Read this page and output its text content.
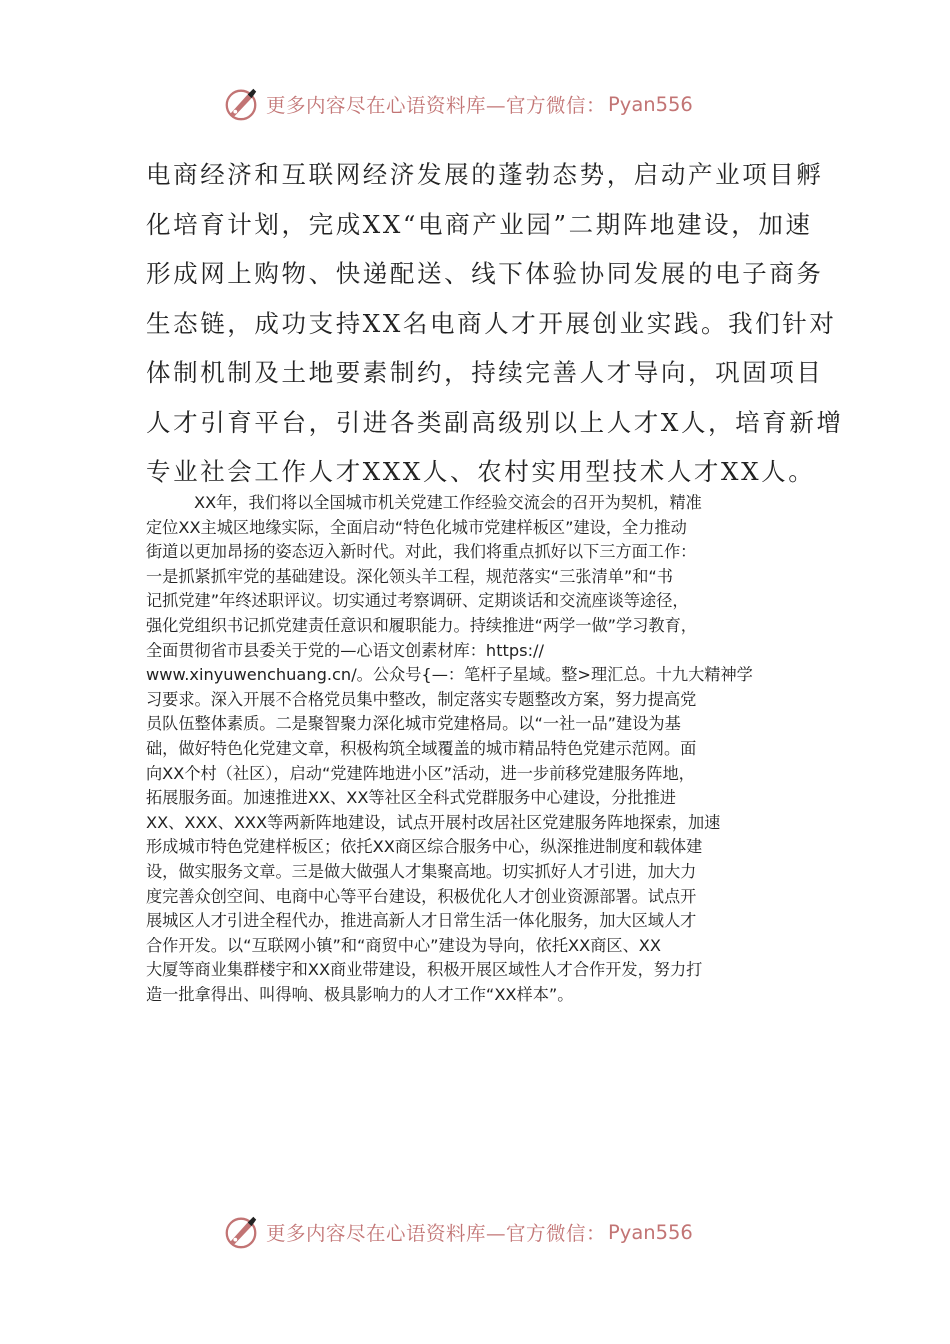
更多内容尽在心语资料库—官方微信： Pyan556
电商经济和互联网经济发展的蓬勃态势，启动产业项目孵
化培育计划，完成XX“电商产业园”二期阵地建设，加速
形成网上购物、快递配送、线下体验协同发展的电子商务
生态链，成功支持XX名电商人才开展创业实践。我们针对
体制机制及土地要素制约，持续完善人才导向，巩固项目
人才引育平台，引进各类副高级别以上人才X人，培育新增
专业社会工作人才XXX人、农村实用型技术人才XX人。
XX年，我们将以全国城市机关党建工作经验交流会的召开为契机，精准
定位XX主城区地缘实际，全面启动“特色化城市党建样板区”建设，全力推动
街道以更加昂扬的姿态迈入新时代。对此，我们将重点抓好以下三方面工作：
一是抓紧抓牢党的基础建设。深化领头羊工程，规范落实“三张清单”和“书
记抓党建”年终述职评议。切实通过考察调研、定期谈话和交流座谈等途径，
强化党组织书记抓党建责任意识和履职能力。持续推进“两学一做”学习教育，
全面贯彻省市县委关于党的—心语文创素材库：https://
www.xinyuwenchuang.cn/。公众号{—：笔杆子星域。整>理汇总。十九大精神学
习要求。深入开展不合格党员集中整改，制定落实专题整改方案，努力提高党
员队伍整体素质。二是聚智聚力深化城市党建格局。以“一社一品”建设为基
础，做好特色化党建文章，积极构筑全域覆盖的城市精品特色党建示范网。面
向XX个村（社区），启动“党建阵地进小区”活动，进一步前移党建服务阵地，
拓展服务面。加速推进XX、XX等社区全科式党群服务中心建设，分批推进
XX、XXX、XXX等两新阵地建设，试点开展村改居社区党建服务阵地探索，加速
形成城市特色党建样板区；依托XX商区综合服务中心，纵深推进制度和载体建
设，做实服务文章。三是做大做强人才集聚高地。切实抓好人才引进，加大力
度完善众创空间、电商中心等平台建设，积极优化人才创业资源部署。试点开
展城区人才引进全程代办，推进高新人才日常生活一体化服务，加大区域人才
合作开发。以“互联网小镇”和“商贸中心”建设为导向，依托XX商区、XX
大厦等商业集群楼宇和XX商业带建设，积极开展区域性人才合作开发，努力打
造一批拿得出、叫得响、极具影响力的人才工作“XX样本”。
更多内容尽在心语资料库—官方微信： Pyan556
